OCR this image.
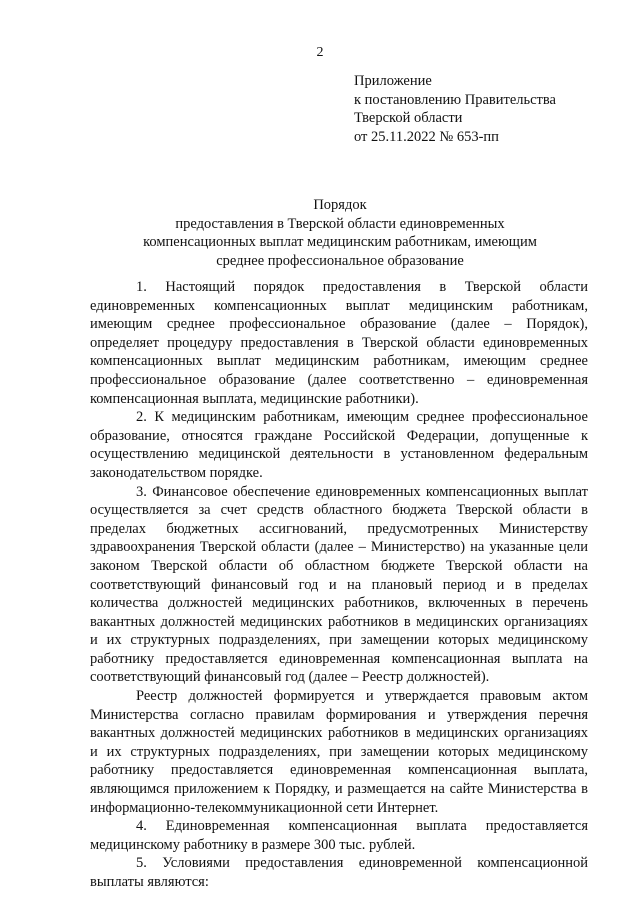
2
Приложение
к постановлению Правительства
Тверской области
от 25.11.2022 № 653-пп
Порядок
предоставления в Тверской области единовременных
компенсационных выплат медицинским работникам, имеющим
среднее профессиональное образование

1. Настоящий порядок предоставления в Тверской области единовременных компенсационных выплат медицинским работникам, имеющим среднее профессиональное образование (далее – Порядок), определяет процедуру предоставления в Тверской области единовременных компенсационных выплат медицинским работникам, имеющим среднее профессиональное образование (далее соответственно – единовременная компенсационная выплата, медицинские работники).

2. К медицинским работникам, имеющим среднее профессиональное образование, относятся граждане Российской Федерации, допущенные к осуществлению медицинской деятельности в установленном федеральным законодательством порядке.

3. Финансовое обеспечение единовременных компенсационных выплат осуществляется за счет средств областного бюджета Тверской области в пределах бюджетных ассигнований, предусмотренных Министерству здравоохранения Тверской области (далее – Министерство) на указанные цели законом Тверской области об областном бюджете Тверской области на соответствующий финансовый год и на плановый период и в пределах количества должностей медицинских работников, включенных в перечень вакантных должностей медицинских работников в медицинских организациях и их структурных подразделениях, при замещении которых медицинскому работнику предоставляется единовременная компенсационная выплата на соответствующий финансовый год (далее – Реестр должностей).

Реестр должностей формируется и утверждается правовым актом Министерства согласно правилам формирования и утверждения перечня вакантных должностей медицинских работников в медицинских организациях и их структурных подразделениях, при замещении которых медицинскому работнику предоставляется единовременная компенсационная выплата, являющимся приложением к Порядку, и размещается на сайте Министерства в информационно-телекоммуникационной сети Интернет.

4. Единовременная компенсационная выплата предоставляется медицинскому работнику в размере 300 тыс. рублей.

5. Условиями предоставления единовременной компенсационной выплаты являются:
